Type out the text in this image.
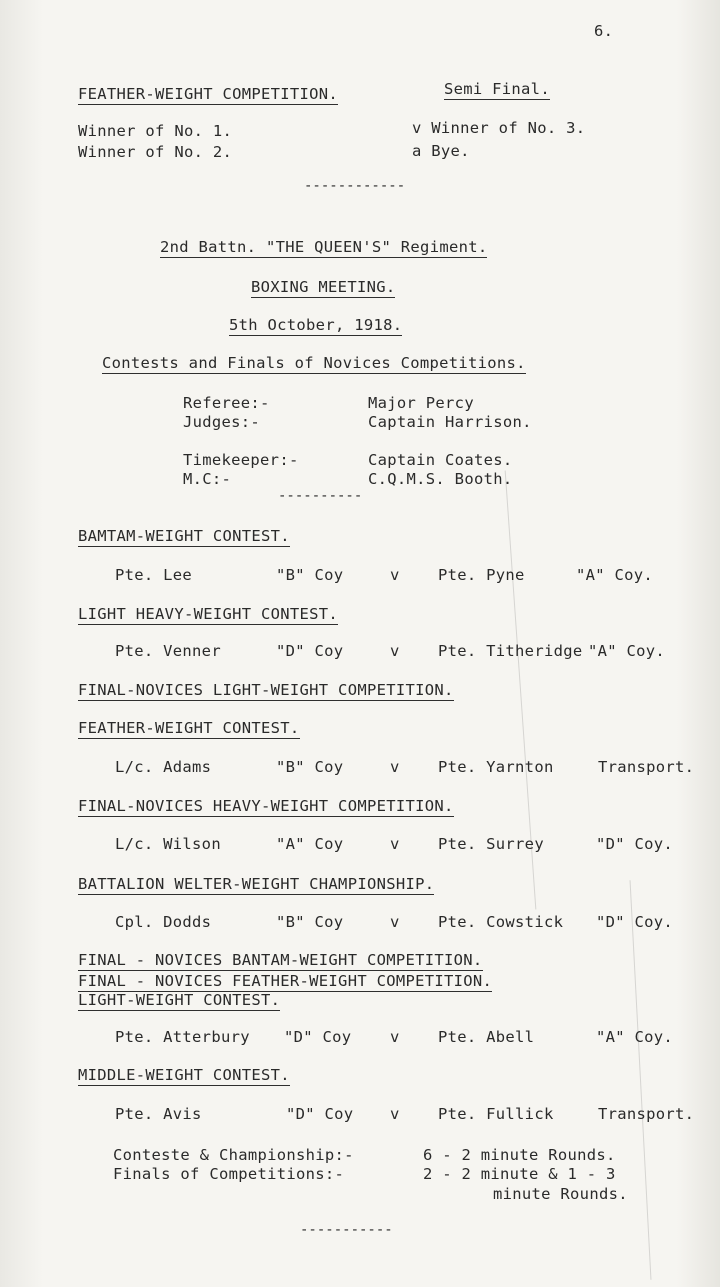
6.
FEATHER-WEIGHT COMPETITION.	Semi Final.
Winner of No. 1.	v Winner of No. 3.
Winner of No. 2.	a Bye.
------------
2nd Battn. "THE QUEEN'S" Regiment.
BOXING MEETING.
5th October, 1918.
Contests and Finals of Novices Competitions.
Referee:-	Major Percy
Judges:-	Captain Harrison.
Timekeeper:-	Captain Coates.
M.C:-	C.Q.M.S. Booth.
----------
BAMTAM-WEIGHT CONTEST.
Pte. Lee	"B" Coy	v Pte. Pyne	"A" Coy.
LIGHT HEAVY-WEIGHT CONTEST.
Pte. Venner	"D" Coy	v Pte. Titheridge "A" Coy.
FINAL-NOVICES LIGHT-WEIGHT COMPETITION.
FEATHER-WEIGHT CONTEST.
L/c. Adams	"B" Coy	v Pte. Yarnton	Transport.
FINAL-NOVICES HEAVY-WEIGHT COMPETITION.
L/c. Wilson	"A" Coy	v Pte. Surrey	"D" Coy.
BATTALION WELTER-WEIGHT CHAMPIONSHIP.
Cpl. Dodds	"B" Coy	v Pte. Cowstick "D" Coy.
FINAL - NOVICES BANTAM-WEIGHT COMPETITION.
FINAL - NOVICES FEATHER-WEIGHT COMPETITION.
LIGHT-WEIGHT CONTEST.
Pte. Atterbury "D" Coy v Pte. Abell	"A" Coy.
MIDDLE-WEIGHT CONTEST.
Pte. Avis	"D" Coy v Pte. Fullick	Transport.
Conteste & Championship:-	6 - 2 minute Rounds.
Finals of Competitions:-	2 - 2 minute & 1 - 3
minute Rounds.
-----------
